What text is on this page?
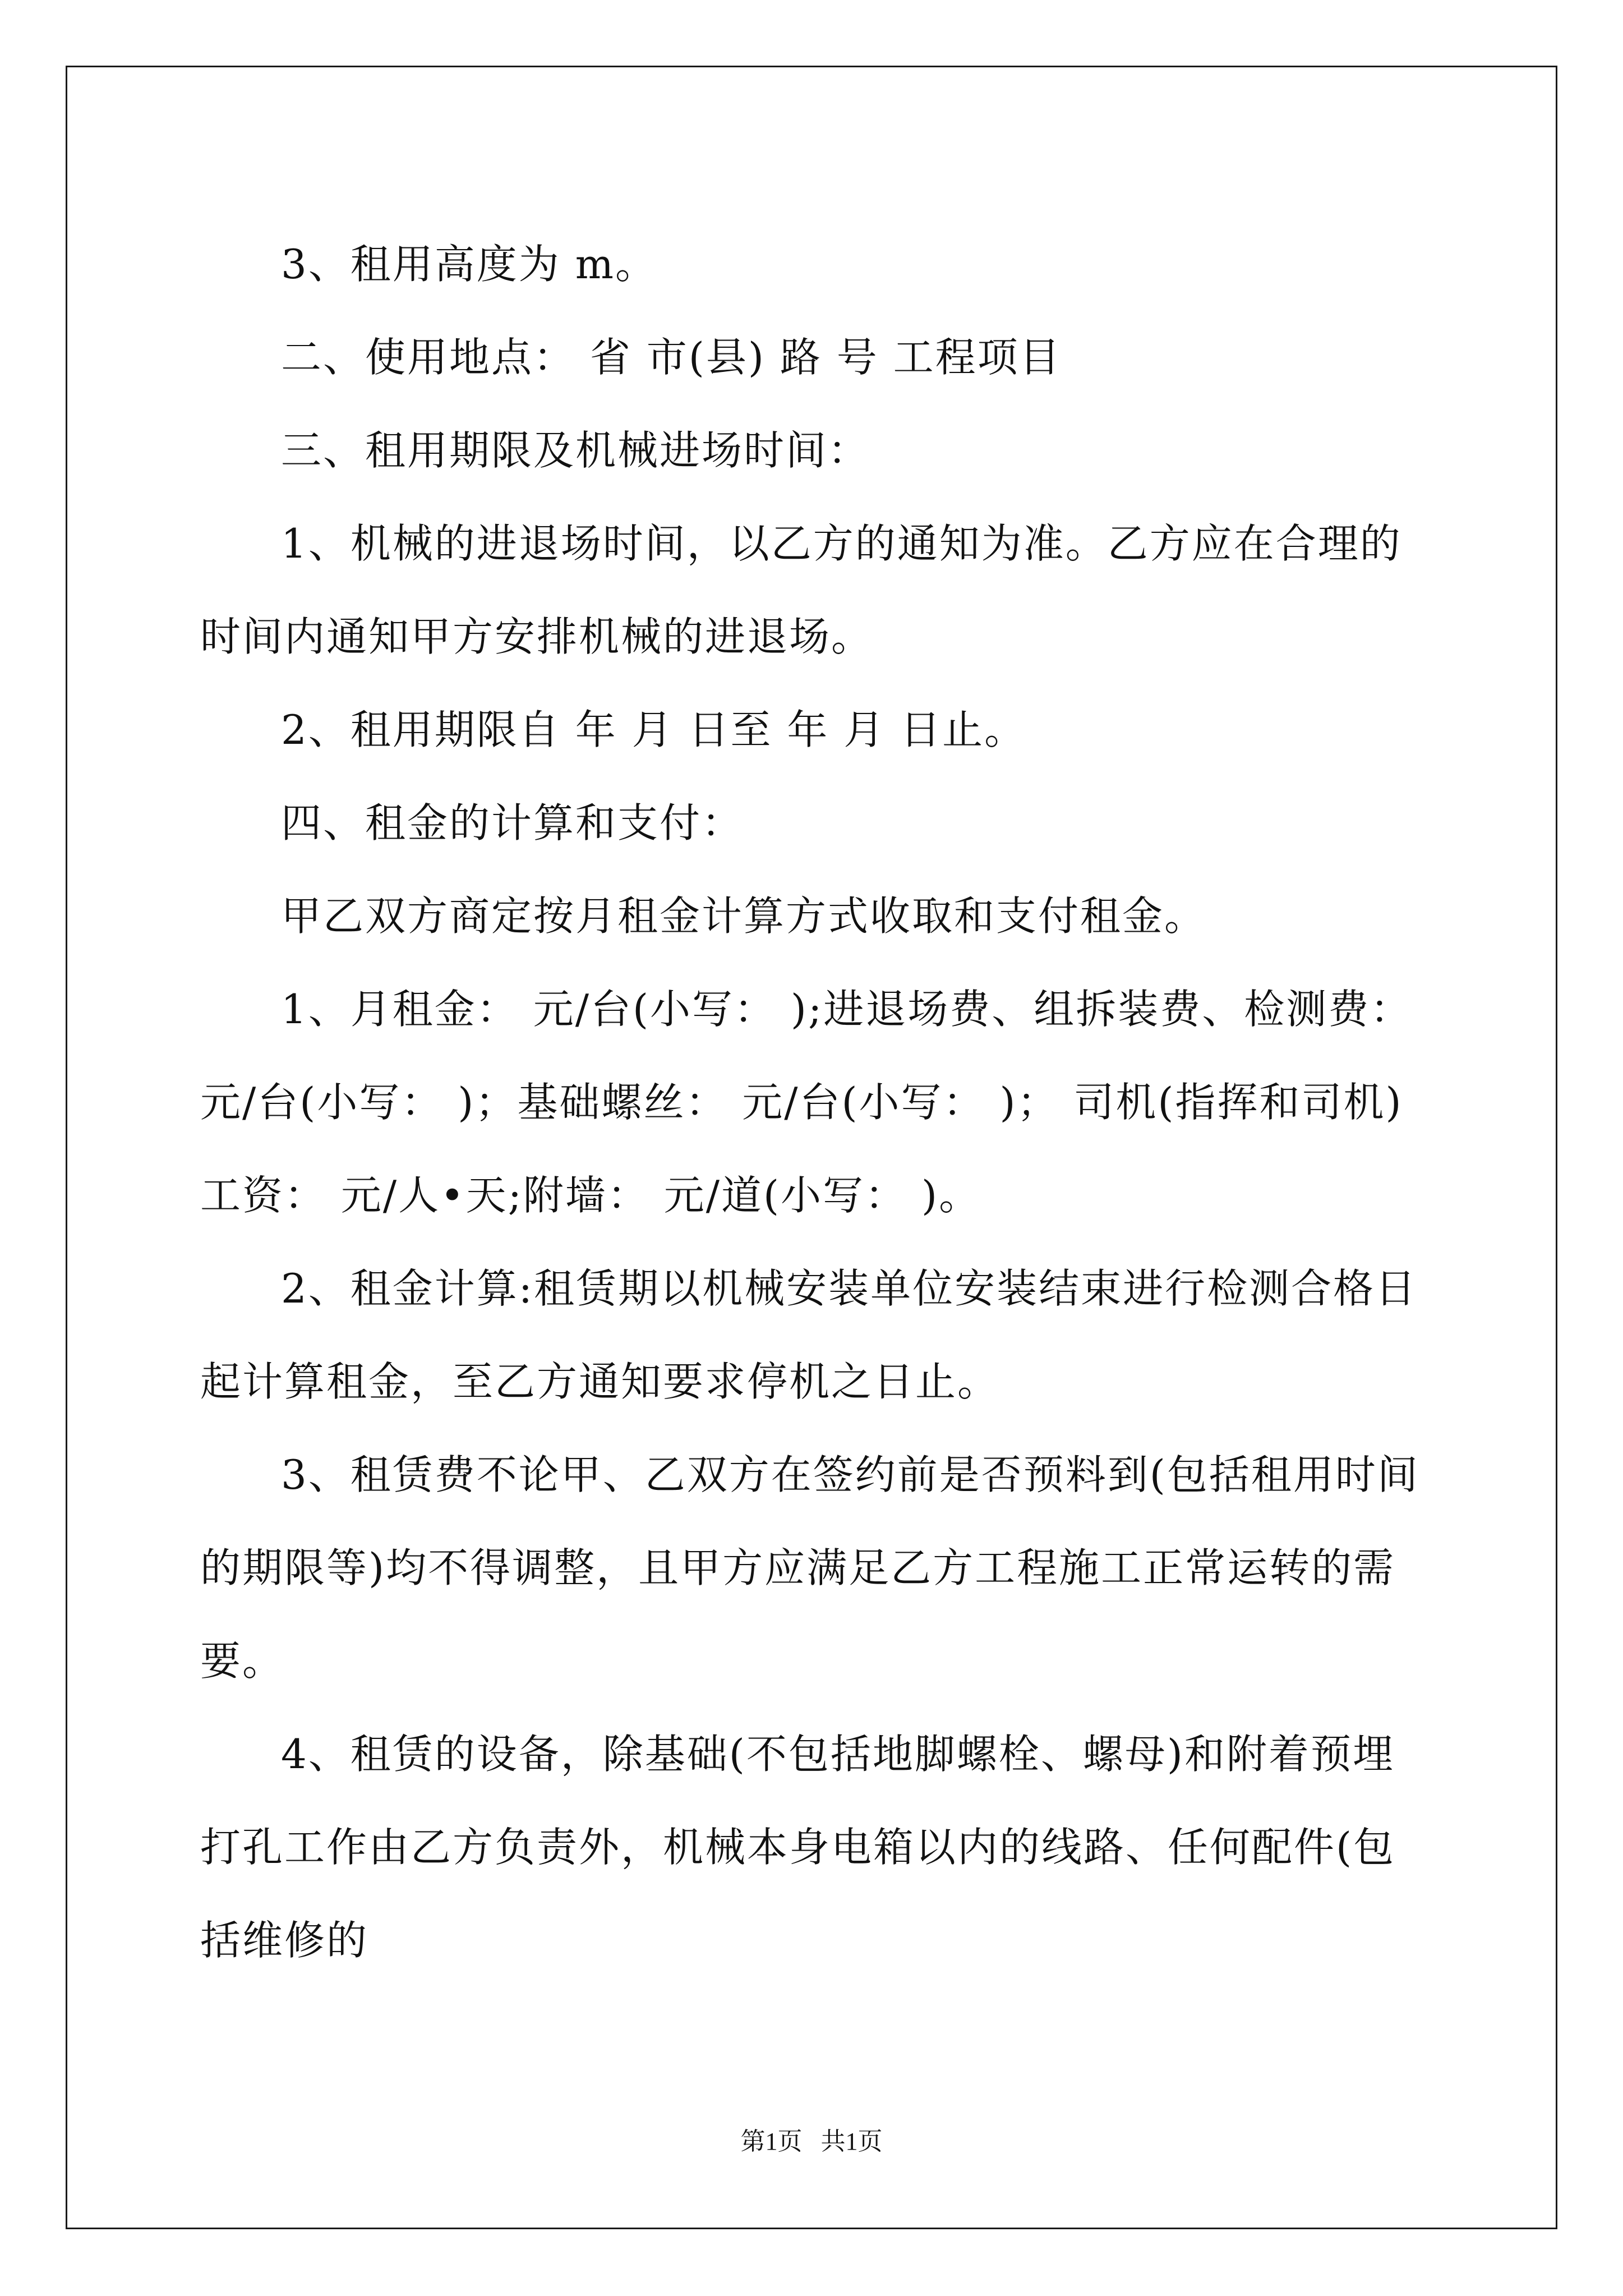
3、租用高度为 m。

二、使用地点： 省 市(县) 路 号 工程项目

三、租用期限及机械进场时间：

1、机械的进退场时间，以乙方的通知为准。乙方应在合理的时间内通知甲方安排机械的进退场。

2、租用期限自 年 月 日至 年 月 日止。

四、租金的计算和支付：

甲乙双方商定按月租金计算方式收取和支付租金。

1、月租金： 元/台(小写： );进退场费、组拆装费、检测费：元/台(小写： )；基础螺丝： 元/台(小写： )； 司机(指挥和司机)工资： 元/人•天;附墙： 元/道(小写： )。

2、租金计算:租赁期以机械安装单位安装结束进行检测合格日起计算租金，至乙方通知要求停机之日止。

3、租赁费不论甲、乙双方在签约前是否预料到(包括租用时间的期限等)均不得调整，且甲方应满足乙方工程施工正常运转的需要。

4、租赁的设备，除基础(不包括地脚螺栓、螺母)和附着预埋打孔工作由乙方负责外，机械本身电箱以内的线路、任何配件(包括维修的

第1页   共1页
